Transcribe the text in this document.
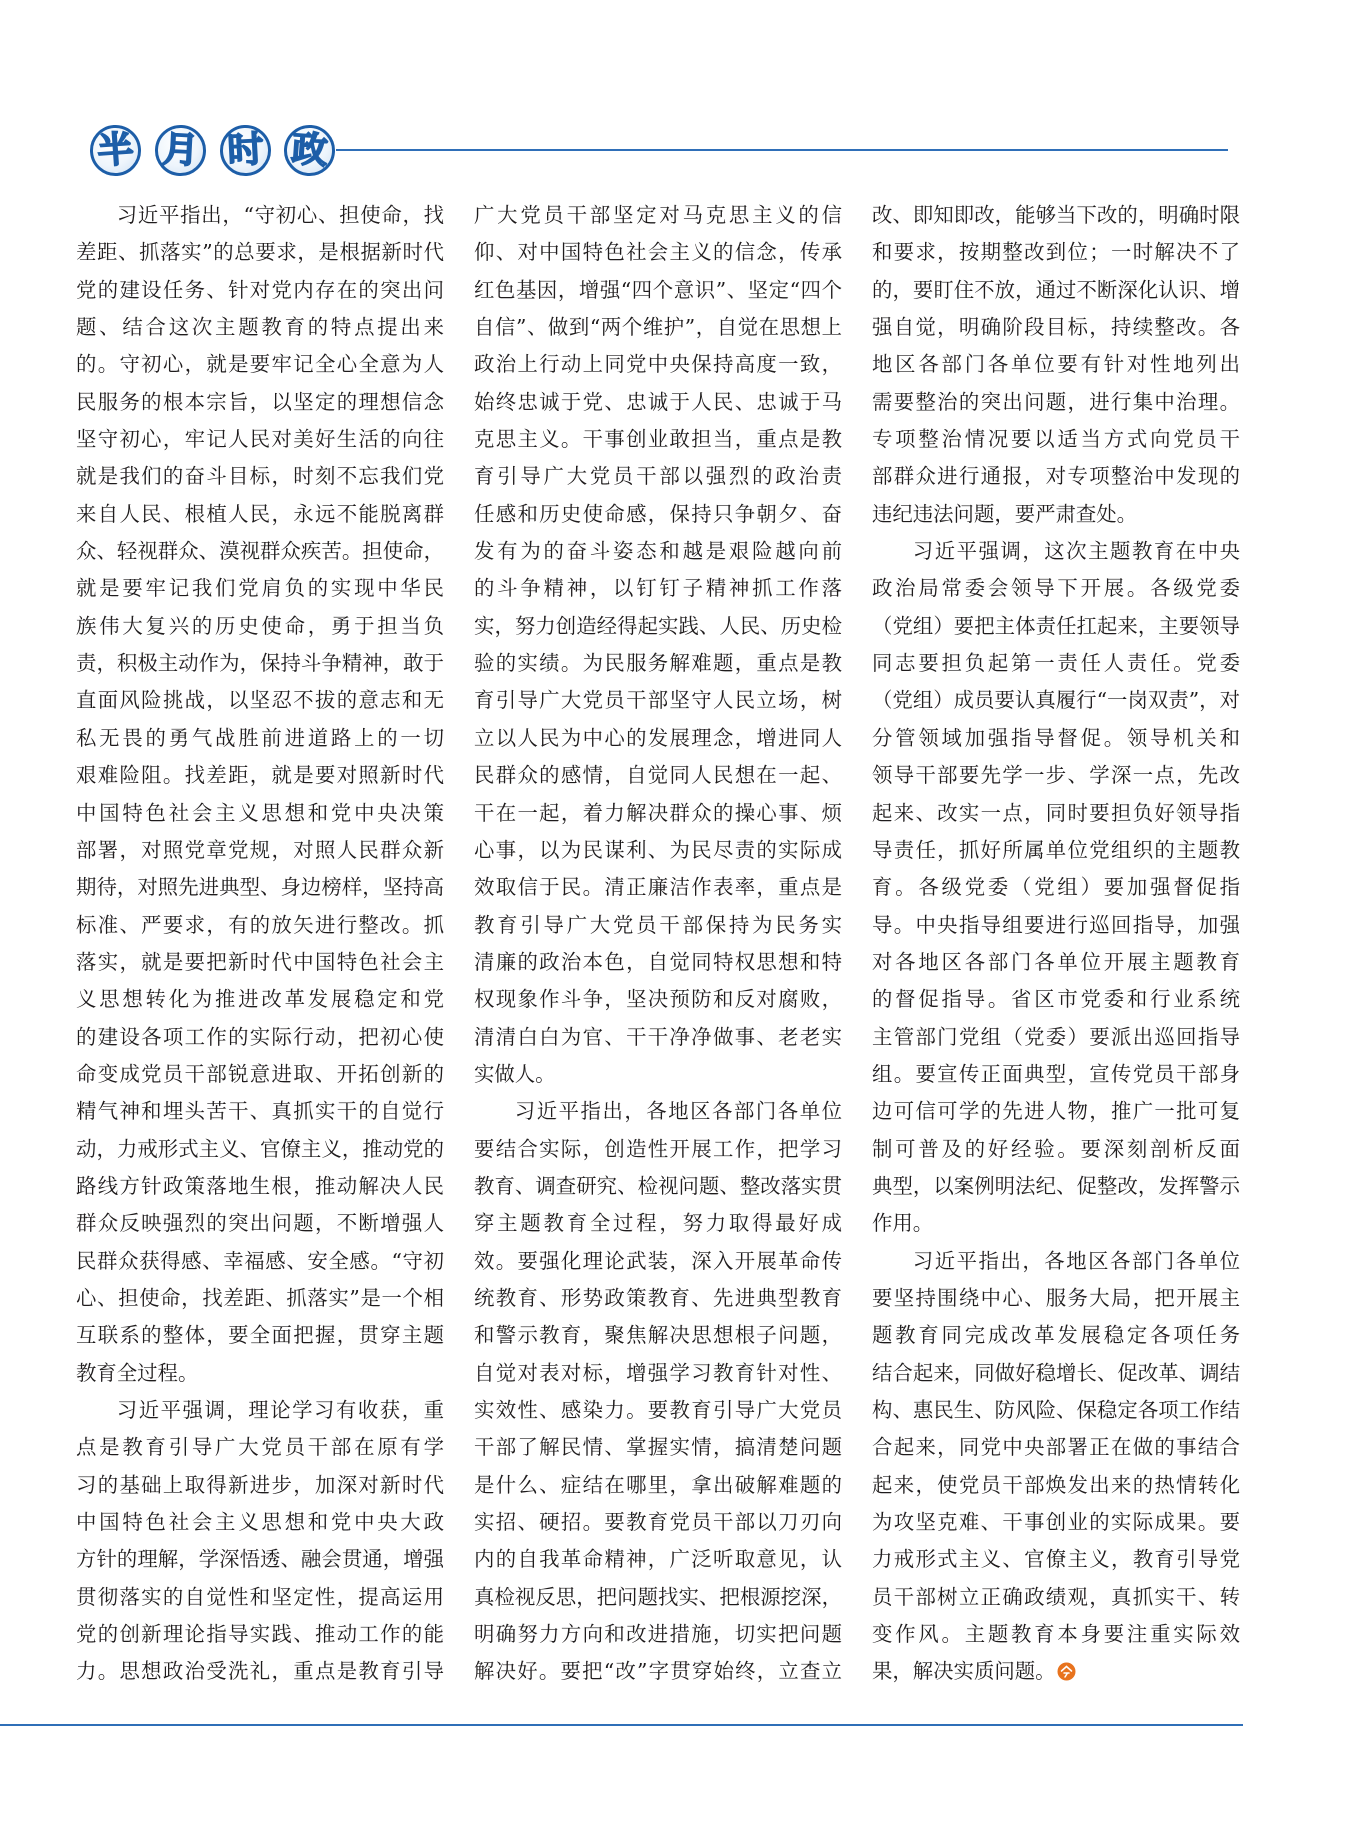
半 月 时 政
习近平指出，“守初心、担使命，找
差距、抓落实”的总要求，是根据新时代
党的建设任务、针对党内存在的突出问
题、结合这次主题教育的特点提出来
的。守初心，就是要牢记全心全意为人
民服务的根本宗旨，以坚定的理想信念
坚守初心，牢记人民对美好生活的向往
就是我们的奋斗目标，时刻不忘我们党
来自人民、根植人民，永远不能脱离群
众、轻视群众、漠视群众疾苦。担使命，
就是要牢记我们党肩负的实现中华民
族伟大复兴的历史使命，勇于担当负
责，积极主动作为，保持斗争精神，敢于
直面风险挑战，以坚忍不拔的意志和无
私无畏的勇气战胜前进道路上的一切
艰难险阻。找差距，就是要对照新时代
中国特色社会主义思想和党中央决策
部署，对照党章党规，对照人民群众新
期待，对照先进典型、身边榜样，坚持高
标准、严要求，有的放矢进行整改。抓
落实，就是要把新时代中国特色社会主
义思想转化为推进改革发展稳定和党
的建设各项工作的实际行动，把初心使
命变成党员干部锐意进取、开拓创新的
精气神和埋头苦干、真抓实干的自觉行
动，力戒形式主义、官僚主义，推动党的
路线方针政策落地生根，推动解决人民
群众反映强烈的突出问题，不断增强人
民群众获得感、幸福感、安全感。“守初
心、担使命，找差距、抓落实”是一个相
互联系的整体，要全面把握，贯穿主题
教育全过程。
习近平强调，理论学习有收获，重
点是教育引导广大党员干部在原有学
习的基础上取得新进步，加深对新时代
中国特色社会主义思想和党中央大政
方针的理解，学深悟透、融会贯通，增强
贯彻落实的自觉性和坚定性，提高运用
党的创新理论指导实践、推动工作的能
力。思想政治受洗礼，重点是教育引导
广大党员干部坚定对马克思主义的信
仰、对中国特色社会主义的信念，传承
红色基因，增强“四个意识”、坚定“四个
自信”、做到“两个维护”，自觉在思想上
政治上行动上同党中央保持高度一致，
始终忠诚于党、忠诚于人民、忠诚于马
克思主义。干事创业敢担当，重点是教
育引导广大党员干部以强烈的政治责
任感和历史使命感，保持只争朝夕、奋
发有为的奋斗姿态和越是艰险越向前
的斗争精神，以钉钉子精神抓工作落
实，努力创造经得起实践、人民、历史检
验的实绩。为民服务解难题，重点是教
育引导广大党员干部坚守人民立场，树
立以人民为中心的发展理念，增进同人
民群众的感情，自觉同人民想在一起、
干在一起，着力解决群众的操心事、烦
心事，以为民谋利、为民尽责的实际成
效取信于民。清正廉洁作表率，重点是
教育引导广大党员干部保持为民务实
清廉的政治本色，自觉同特权思想和特
权现象作斗争，坚决预防和反对腐败，
清清白白为官、干干净净做事、老老实
实做人。
习近平指出，各地区各部门各单位
要结合实际，创造性开展工作，把学习
教育、调查研究、检视问题、整改落实贯
穿主题教育全过程，努力取得最好成
效。要强化理论武装，深入开展革命传
统教育、形势政策教育、先进典型教育
和警示教育，聚焦解决思想根子问题，
自觉对表对标，增强学习教育针对性、
实效性、感染力。要教育引导广大党员
干部了解民情、掌握实情，搞清楚问题
是什么、症结在哪里，拿出破解难题的
实招、硬招。要教育党员干部以刀刃向
内的自我革命精神，广泛听取意见，认
真检视反思，把问题找实、把根源挖深，
明确努力方向和改进措施，切实把问题
解决好。要把“改”字贯穿始终，立查立
改、即知即改，能够当下改的，明确时限
和要求，按期整改到位；一时解决不了
的，要盯住不放，通过不断深化认识、增
强自觉，明确阶段目标，持续整改。各
地区各部门各单位要有针对性地列出
需要整治的突出问题，进行集中治理。
专项整治情况要以适当方式向党员干
部群众进行通报，对专项整治中发现的
违纪违法问题，要严肃查处。
习近平强调，这次主题教育在中央
政治局常委会领导下开展。各级党委
（党组）要把主体责任扛起来，主要领导
同志要担负起第一责任人责任。党委
（党组）成员要认真履行“一岗双责”，对
分管领域加强指导督促。领导机关和
领导干部要先学一步、学深一点，先改
起来、改实一点，同时要担负好领导指
导责任，抓好所属单位党组织的主题教
育。各级党委（党组）要加强督促指
导。中央指导组要进行巡回指导，加强
对各地区各部门各单位开展主题教育
的督促指导。省区市党委和行业系统
主管部门党组（党委）要派出巡回指导
组。要宣传正面典型，宣传党员干部身
边可信可学的先进人物，推广一批可复
制可普及的好经验。要深刻剖析反面
典型，以案例明法纪、促整改，发挥警示
作用。
习近平指出，各地区各部门各单位
要坚持围绕中心、服务大局，把开展主
题教育同完成改革发展稳定各项任务
结合起来，同做好稳增长、促改革、调结
构、惠民生、防风险、保稳定各项工作结
合起来，同党中央部署正在做的事结合
起来，使党员干部焕发出来的热情转化
为攻坚克难、干事创业的实际成果。要
力戒形式主义、官僚主义，教育引导党
员干部树立正确政绩观，真抓实干、转
变作风。主题教育本身要注重实际效
果，解决实质问题。
